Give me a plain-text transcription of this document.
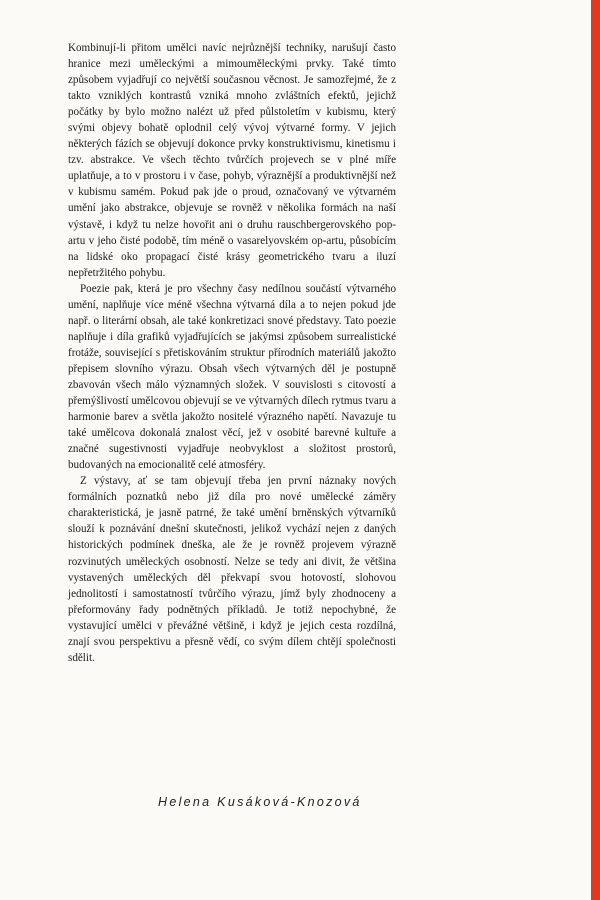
Kombinují-li přitom umělci navíc nejrůznější techniky, narušují často hranice mezi uměleckými a mimouměleckými prvky. Také tímto způsobem vyjadřují co největší současnou věcnost. Je samozřejmé, že z takto vzniklých kontrastů vzniká mnoho zvláštních efektů, jejichž počátky by bylo možno nalézt už před půlstoletím v kubismu, který svými objevy bohatě oplodnil celý vývoj výtvarné formy. V jejich některých fázích se objevují dokonce prvky konstruktivismu, kinetismu i tzv. abstrakce. Ve všech těchto tvůrčích projevech se v plné míře uplatňuje, a to v prostoru i v čase, pohyb, výraznější a produktivnější než v kubismu samém. Pokud pak jde o proud, označovaný ve výtvarném umění jako abstrakce, objevuje se rovněž v několika formách na naší výstavě, i když tu nelze hovořit ani o druhu rauschbergerovského pop-artu v jeho čisté podobě, tím méně o vasarelyovském op-artu, působícím na lidské oko propagací čisté krásy geometrického tvaru a iluzí nepřetržitého pohybu.

Poezie pak, která je pro všechny časy nedílnou součástí výtvarného umění, naplňuje více méně všechna výtvarná díla a to nejen pokud jde např. o literární obsah, ale také konkretizaci snové představy. Tato poezie naplňuje i díla grafiků vyjadřujících se jakýmsi způsobem surrealistické frotáže, související s přetiskováním struktur přírodních materiálů jakožto přepisem slovního výrazu. Obsah všech výtvarných děl je postupně zbavován všech málo významných složek. V souvislosti s citovostí a přemýšlivostí umělcovou objevují se ve výtvarných dílech rytmus tvaru a harmonie barev a světla jakožto nositelé výrazného napětí. Navazuje tu také umělcova dokonalá znalost věcí, jež v osobité barevné kultuře a značné sugestivnosti vyjadřuje neobvyklost a složitost prostorů, budovaných na emocionalitě celé atmosféry.

Z výstavy, ať se tam objevují třeba jen první náznaky nových formálních poznatků nebo již díla pro nové umělecké záměry charakteristická, je jasně patrné, že také umění brněnských výtvarníků slouží k poznávání dnešní skutečnosti, jelikož vychází nejen z daných historických podmínek dneška, ale že je rovněž projevem výrazně rozvinutých uměleckých osobností. Nelze se tedy ani divit, že většina vystavených uměleckých děl překvapí svou hotovostí, slohovou jednolitostí i samostatností tvůrčího výrazu, jímž byly zhodnoceny a přeformovány řady podnětných příkladů. Je totiž nepochybné, že vystavující umělci v převážné většině, i když je jejich cesta rozdílná, znají svou perspektivu a přesně vědí, co svým dílem chtějí společnosti sdělit.

Helena Kusáková-Knozová
